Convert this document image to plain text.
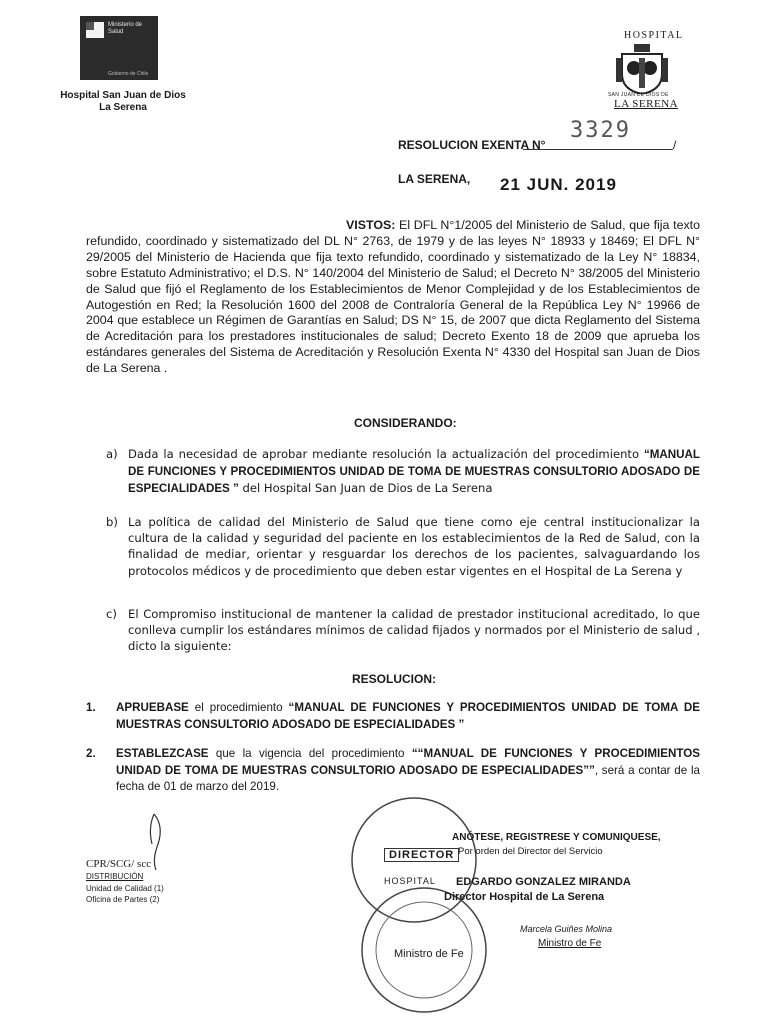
Ministerio de Salud
Gobierno de Chile
Hospital San Juan de Dios
La Serena
HOSPITAL
SAN JUAN DE DIOS DE
LA SERENA
RESOLUCION EXENTA N°	/
3329
LA SERENA, 21 JUN. 2019
VISTOS: El DFL N°1/2005 del Ministerio de Salud, que fija texto refundido, coordinado y sistematizado del DL N° 2763, de 1979 y de las leyes N° 18933 y 18469; El DFL N° 29/2005 del Ministerio de Hacienda que fija texto refundido, coordinado y sistematizado de la Ley N° 18834, sobre Estatuto Administrativo; el D.S. N° 140/2004 del Ministerio de Salud; el Decreto N° 38/2005 del Ministerio de Salud que fijó el Reglamento de los Establecimientos de Menor Complejidad y de los Establecimientos de Autogestión en Red; la Resolución 1600 del 2008 de Contraloría General de la República Ley N° 19966 de 2004 que establece un Régimen de Garantías en Salud; DS N° 15, de 2007 que dicta Reglamento del Sistema de Acreditación para los prestadores institucionales de salud; Decreto Exento 18 de 2009 que aprueba los estándares generales del Sistema de Acreditación y Resolución Exenta N° 4330 del Hospital san Juan de Dios de La Serena .
CONSIDERANDO:
a) Dada la necesidad de aprobar mediante resolución la actualización del procedimiento “MANUAL DE FUNCIONES Y PROCEDIMIENTOS UNIDAD DE TOMA DE MUESTRAS CONSULTORIO ADOSADO DE ESPECIALIDADES ” del Hospital San Juan de Dios de La Serena
b) La política de calidad del Ministerio de Salud que tiene como eje central institucionalizar la cultura de la calidad y seguridad del paciente en los establecimientos de la Red de Salud, con la finalidad de mediar, orientar y resguardar los derechos de los pacientes, salvaguardando los protocolos médicos y de procedimiento que deben estar vigentes en el Hospital de La Serena y
c) El Compromiso institucional de mantener la calidad de prestador institucional acreditado, lo que conlleva cumplir los estándares mínimos de calidad fijados y normados por el Ministerio de salud , dicto la siguiente:
RESOLUCION:
1. APRUEBASE el procedimiento “MANUAL DE FUNCIONES Y PROCEDIMIENTOS UNIDAD DE TOMA DE MUESTRAS CONSULTORIO ADOSADO DE ESPECIALIDADES ”
2. ESTABLEZCASE que la vigencia del procedimiento ““MANUAL DE FUNCIONES Y PROCEDIMIENTOS UNIDAD DE TOMA DE MUESTRAS CONSULTORIO ADOSADO DE ESPECIALIDADES””, será a contar de la fecha de 01 de marzo del 2019.
ANÓTESE, REGISTRESE Y COMUNIQUESE,
Por orden del Director del Servicio
DIRECTOR
HOSPITAL EDGARDO GONZALEZ MIRANDA
Director Hospital de La Serena
Marcela Guiñes Molina
Ministro de Fe
Ministro de Fe
CPR/SCG/ scc
DISTRIBUCIÓN
Unidad de Calidad (1)
Oficina de Partes (2)
